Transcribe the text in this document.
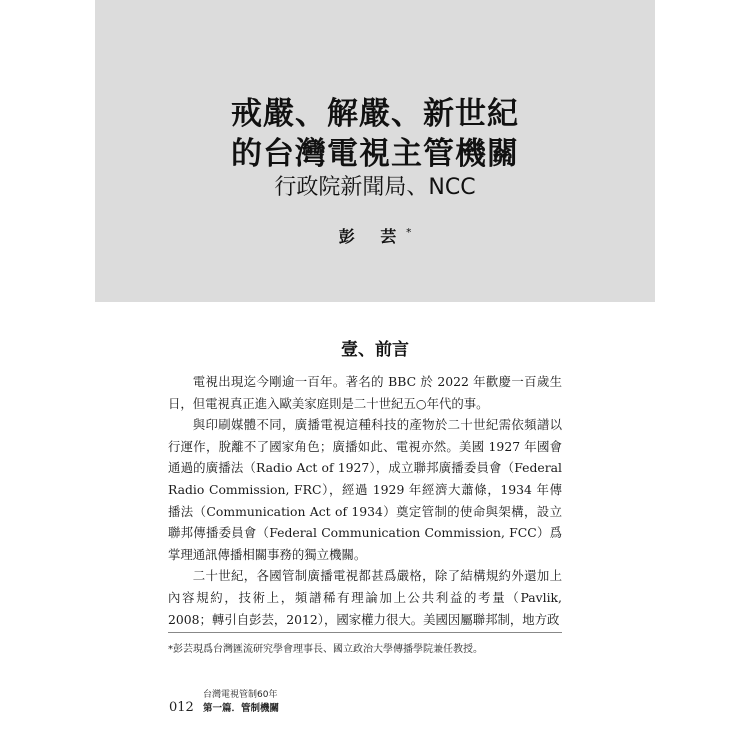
戒嚴、解嚴、新世紀
的台灣電視主管機關
行政院新聞局、NCC
彭 芸*
壹、前言

電視出現迄今剛逾一百年。著名的 BBC 於 2022 年歡慶一百歲生日，但電視真正進入歐美家庭則是二十世紀五○年代的事。

與印刷媒體不同，廣播電視這種科技的產物於二十世紀需依頻譜以行運作，脫離不了國家角色；廣播如此、電視亦然。美國 1927 年國會通過的廣播法（Radio Act of 1927），成立聯邦廣播委員會（Federal Radio Commission, FRC），經過 1929 年經濟大蕭條，1934 年傳播法（Communication Act of 1934）奠定管制的使命與架構，設立聯邦傳播委員會（Federal Communication Commission, FCC）爲掌理通訊傳播相關事務的獨立機關。

二十世紀，各國管制廣播電視都甚爲嚴格，除了結構規約外還加上內容規約，技術上，頻譜稀有理論加上公共利益的考量（Pavlik, 2008；轉引自彭芸，2012），國家權力很大。美國因屬聯邦制，地方政

*彭芸現爲台灣匯流研究學會理事長、國立政治大學傳播學院兼任教授。
012
台灣電視管制60年
第一篇．管制機關
